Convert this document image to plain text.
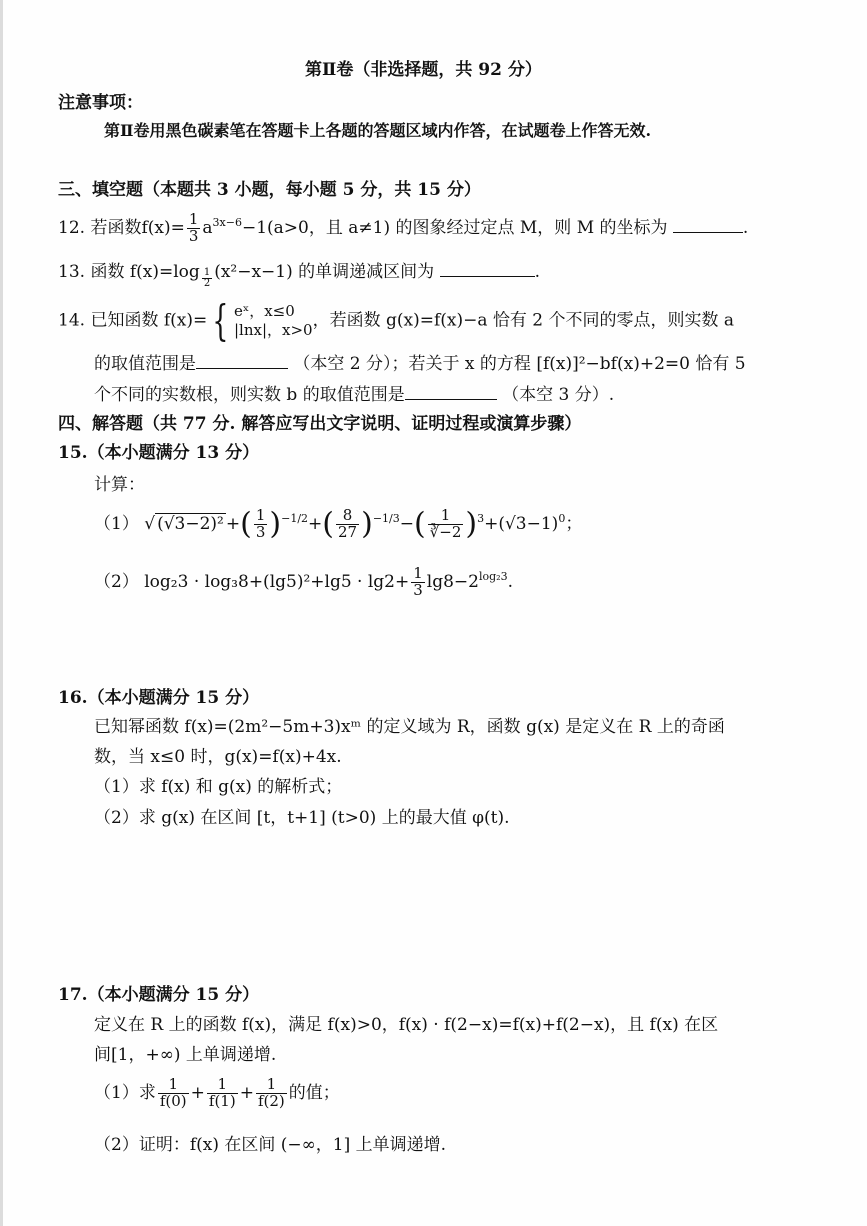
第Ⅱ卷（非选择题，共 92 分）
注意事项：
第Ⅱ卷用黑色碳素笔在答题卡上各题的答题区域内作答，在试题卷上作答无效.
三、填空题（本题共 3 小题，每小题 5 分，共 15 分）
12. 若函数$f(x)= \frac{1}{3} a^{3x-6}-1(a>0$，且 a≠1) 的图象经过定点 M，则 M 的坐标为	.
13. 函数 f(x)=log $_{\frac{1}{2}}$ (x²−x−1) 的单调递减区间为	.
14. 已知函数 f(x)= { eˣ，x≤0
|lnx|，x>0 ，若函数 g(x)=f(x)−a 恰有 2 个不同的零点，则实数 a
的取值范围是	（本空 2 分）；若关于 x 的方程 [f(x)]²−bf(x)+2=0 恰有 5
个不同的实数根，则实数 b 的取值范围是	（本空 3 分）.
四、解答题（共 77 分. 解答应写出文字说明、证明过程或演算步骤）
15.（本小题满分 13 分）
计算：
（1） √ (√3−2)² +( $\frac{1}{3} )^{-1/2}+( \frac{8}{27} )^{-1/3}-( \frac{1}{∛-2} )^3+(√3-1)^0$；
（2） $\log_23 \cdot \log_38+(\lg 5)^2+\lg 5 \cdot \lg 2+ \frac{1}{3} \lg 8-2^{log_23}$.
16.（本小题满分 15 分）
已知幂函数 f(x)=(2m²−5m+3)xᵐ 的定义域为 R，函数 g(x) 是定义在 R 上的奇函
数，当 x≤0 时，g(x)=f(x)+4x.
（1）求 f(x) 和 g(x) 的解析式；
（2）求 g(x) 在区间 [t，t+1] (t>0) 上的最大值 φ(t).
17.（本小题满分 15 分）
定义在 R 上的函数 f(x)，满足 f(x)>0，f(x) · f(2−x)=f(x)+f(2−x)，且 f(x) 在区
间[1，+∞) 上单调递增.
（1）求 $\frac{1}{f(0)} + \frac{1}{f(1)} + \frac{1}{f(2)}$ 的值；
（2）证明：f(x) 在区间 (−∞，1] 上单调递增.
